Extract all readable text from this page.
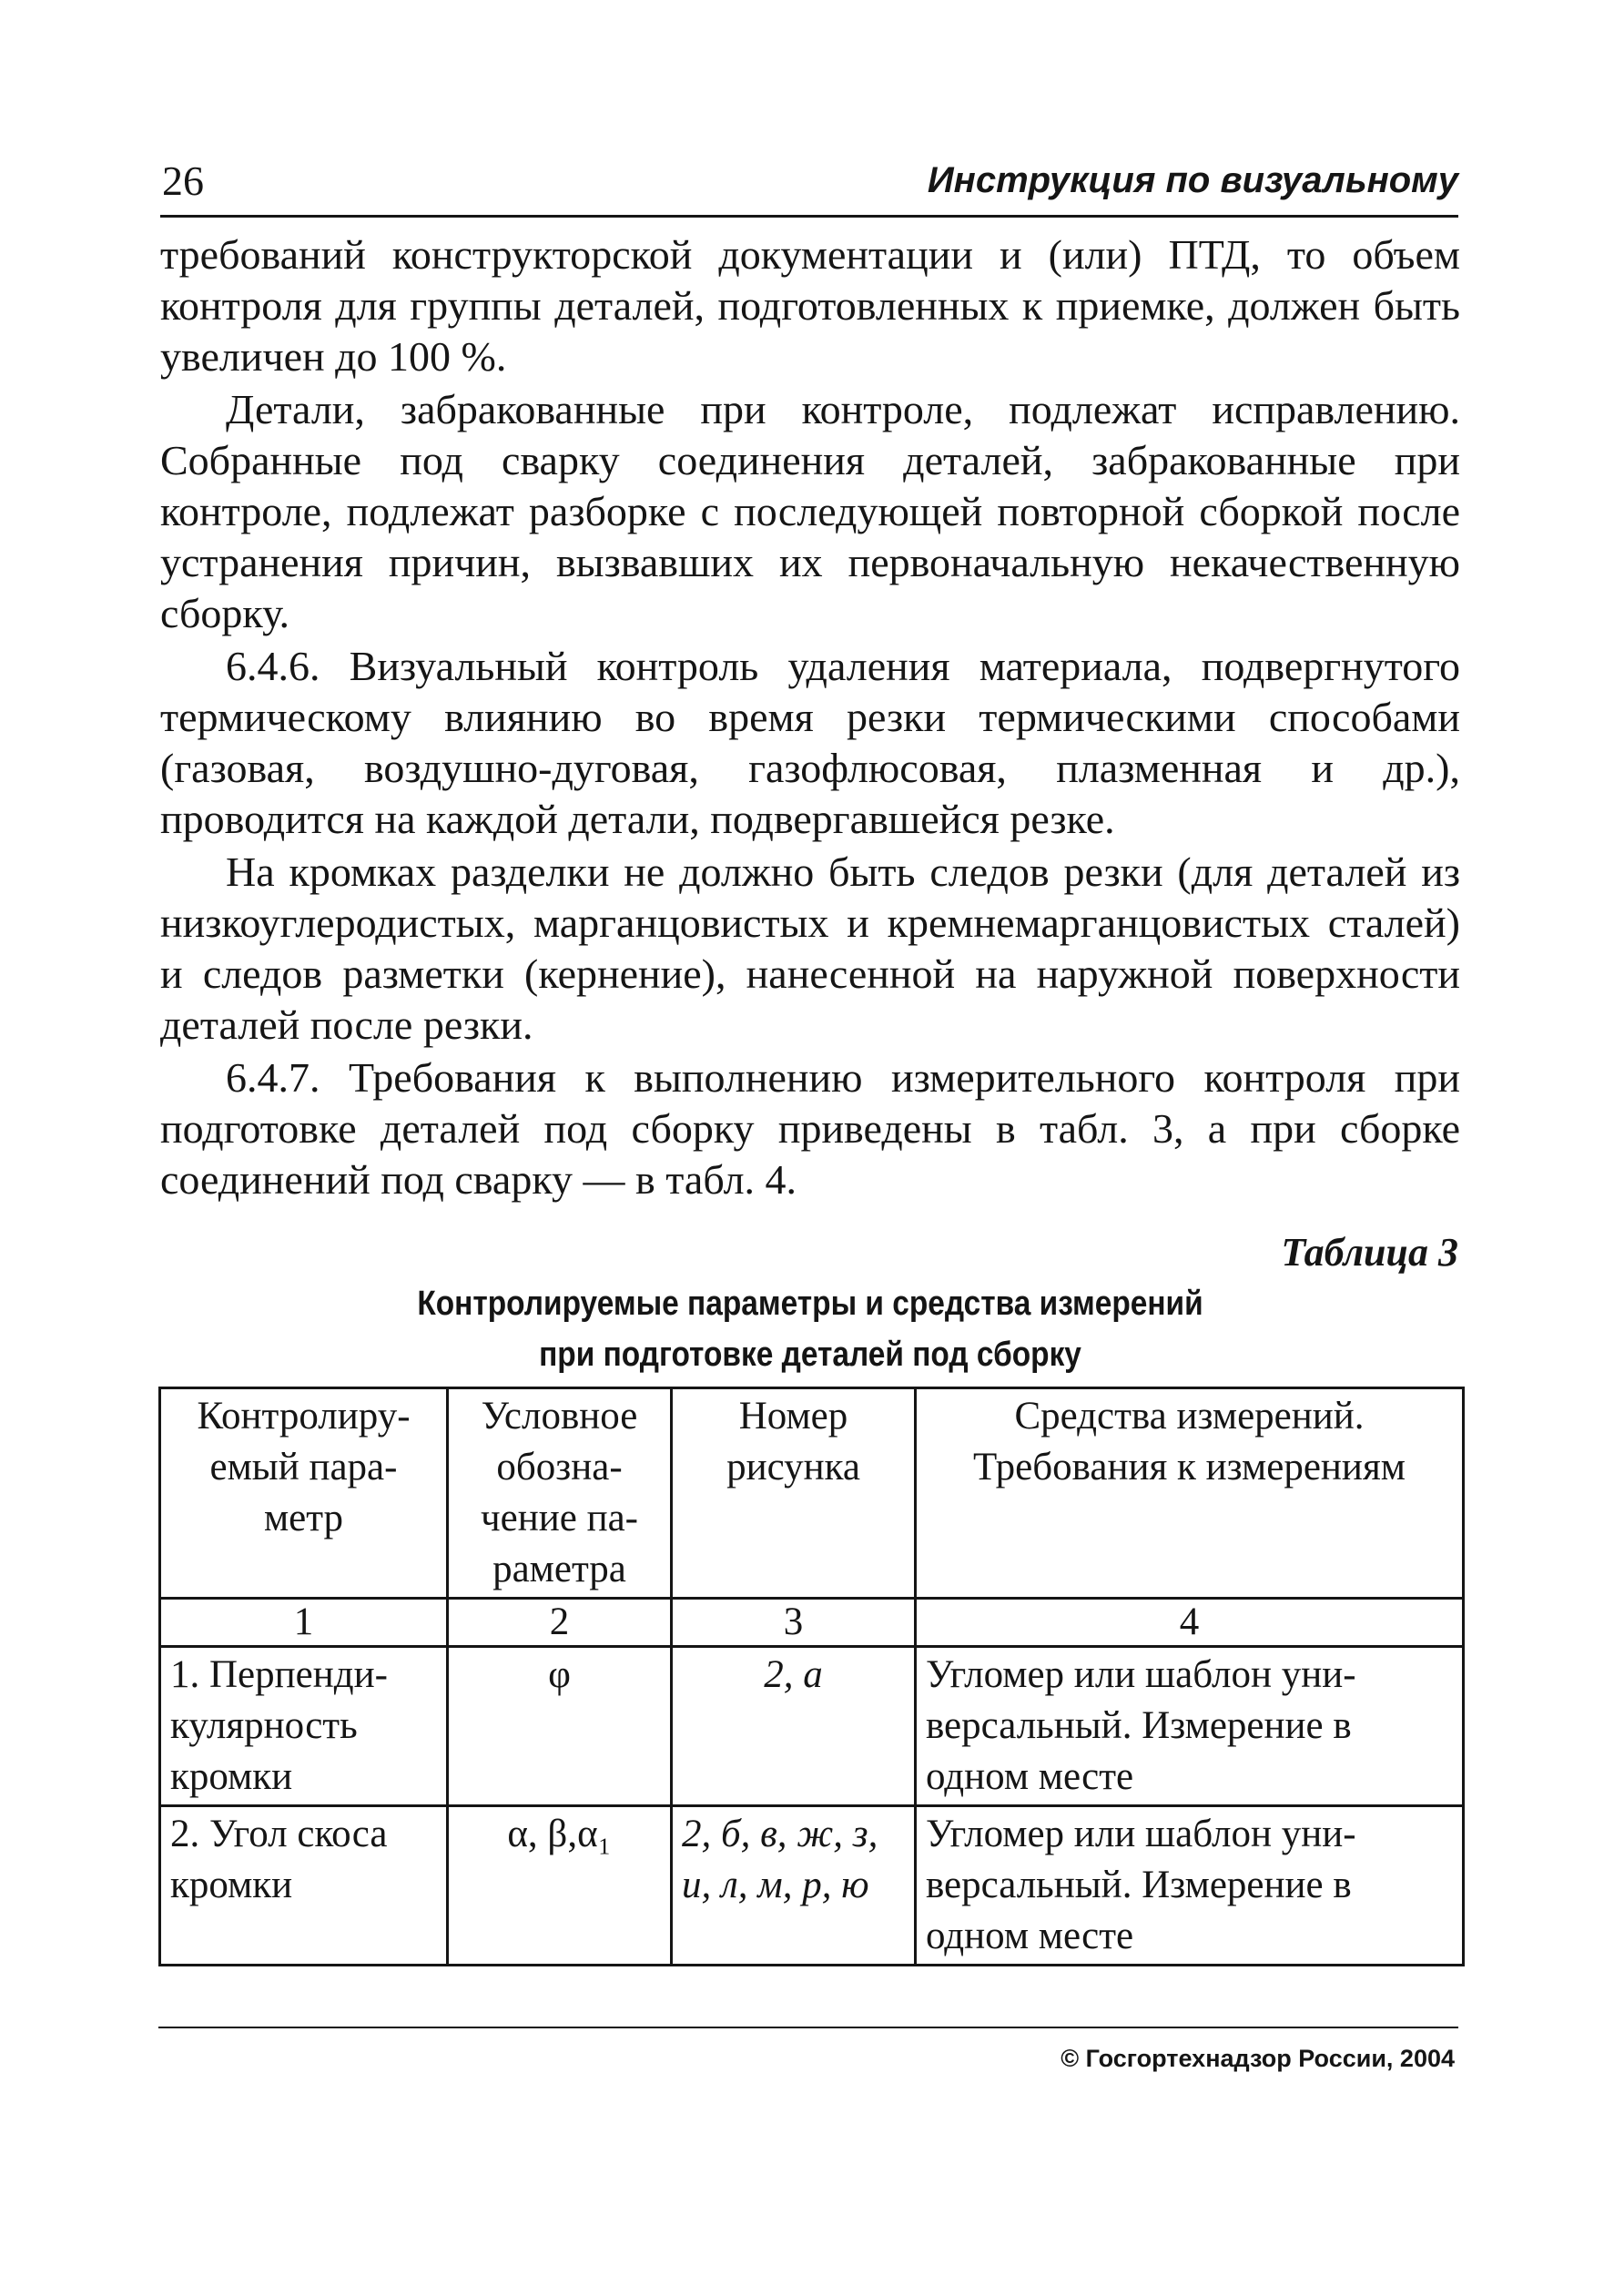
26	Инструкция по визуальному

требований конструкторской документации и (или) ПТД, то объем контроля для группы деталей, подготовленных к приемке, должен быть увеличен до 100 %.

Детали, забракованные при контроле, подлежат исправлению. Собранные под сварку соединения деталей, забракованные при контроле, подлежат разборке с последующей повторной сборкой после устранения причин, вызвавших их первоначальную некачественную сборку.

6.4.6. Визуальный контроль удаления материала, подвергнутого термическому влиянию во время резки термическими способами (газовая, воздушно-дуговая, газофлюсовая, плазменная и др.), проводится на каждой детали, подвергавшейся резке.

На кромках разделки не должно быть следов резки (для деталей из низкоуглеродистых, марганцовистых и кремнемарганцовистых сталей) и следов разметки (кернение), нанесенной на наружной поверхности деталей после резки.

6.4.7. Требования к выполнению измерительного контроля при подготовке деталей под сборку приведены в табл. 3, а при сборке соединений под сварку — в табл. 4.

Таблица 3
Контролируемые параметры и средства измерений
при подготовке деталей под сборку
Контролиру-емый пара-метр	Условное обозна-чение па-раметра	Номер рисунка	Средства измерений. Требования к измерениям
1	2	3	4
1. Перпенди-кулярность кромки	φ	2, а	Угломер или шаблон уни-версальный. Измерение в одном месте
2. Угол скоса кромки	α, β,α₁	2, б, в, ж, з, и, л, м, р, ю	Угломер или шаблон уни-версальный. Измерение в одном месте
© Госгортехнадзор России, 2004
